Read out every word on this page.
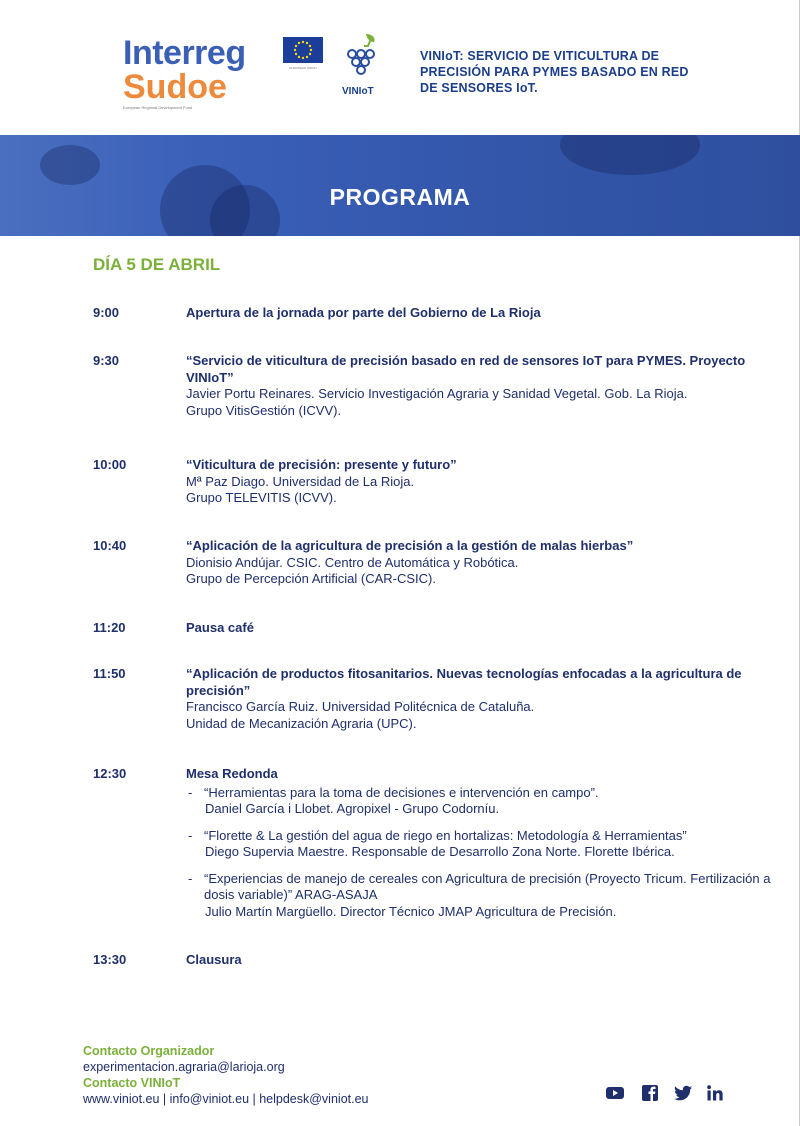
Interreg
Sudoe
European Regional Development Fund
EUROPEAN UNION
VINIoT
VINIoT: SERVICIO DE VITICULTURA DE PRECISIÓN PARA PYMES BASADO EN RED DE SENSORES IoT.
PROGRAMA
DÍA 5 DE ABRIL
9:00	Apertura de la jornada por parte del Gobierno de La Rioja
9:30	“Servicio de viticultura de precisión basado en red de sensores IoT para PYMES. Proyecto VINIoT”
Javier Portu Reinares. Servicio Investigación Agraria y Sanidad Vegetal. Gob. La Rioja.
Grupo VitisGestión (ICVV).
10:00	“Viticultura de precisión: presente y futuro”
Mª Paz Diago. Universidad de La Rioja.
Grupo TELEVITIS (ICVV).
10:40	“Aplicación de la agricultura de precisión a la gestión de malas hierbas”
Dionisio Andújar. CSIC. Centro de Automática y Robótica.
Grupo de Percepción Artificial (CAR-CSIC).
11:20	Pausa café
11:50	“Aplicación de productos fitosanitarios. Nuevas tecnologías enfocadas a la agricultura de precisión”
Francisco García Ruiz. Universidad Politécnica de Cataluña.
Unidad de Mecanización Agraria (UPC).
12:30	Mesa Redonda
- “Herramientas para la toma de decisiones e intervención en campo”.
Daniel García i Llobet. Agropixel - Grupo Codorníu.
- “Florette & La gestión del agua de riego en hortalizas: Metodología & Herramientas”
Diego Supervia Maestre. Responsable de Desarrollo Zona Norte. Florette Ibérica.
- “Experiencias de manejo de cereales con Agricultura de precisión (Proyecto Tricum. Fertilización a dosis variable)” ARAG-ASAJA
Julio Martín Margüello. Director Técnico JMAP Agricultura de Precisión.
13:30	Clausura
Contacto Organizador
experimentacion.agraria@larioja.org
Contacto VINIoT
www.viniot.eu | info@viniot.eu | helpdesk@viniot.eu
